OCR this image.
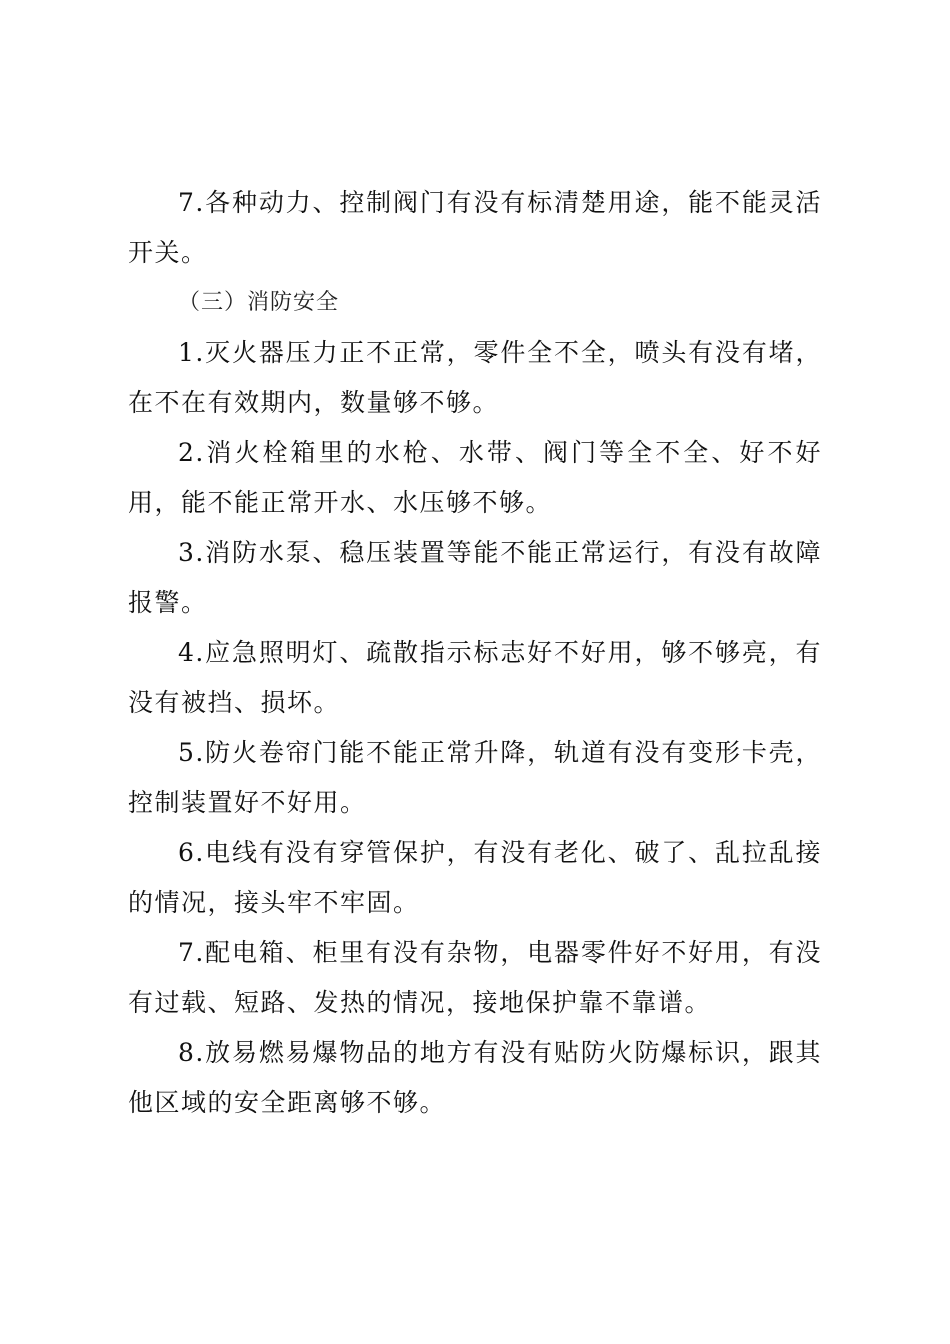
7.各种动力、控制阀门有没有标清楚用途，能不能灵活开关。

（三）消防安全

1.灭火器压力正不正常，零件全不全，喷头有没有堵，在不在有效期内，数量够不够。

2.消火栓箱里的水枪、水带、阀门等全不全、好不好用，能不能正常开水、水压够不够。

3.消防水泵、稳压装置等能不能正常运行，有没有故障报警。

4.应急照明灯、疏散指示标志好不好用，够不够亮，有没有被挡、损坏。

5.防火卷帘门能不能正常升降，轨道有没有变形卡壳，控制装置好不好用。

6.电线有没有穿管保护，有没有老化、破了、乱拉乱接的情况，接头牢不牢固。

7.配电箱、柜里有没有杂物，电器零件好不好用，有没有过载、短路、发热的情况，接地保护靠不靠谱。

8.放易燃易爆物品的地方有没有贴防火防爆标识，跟其他区域的安全距离够不够。
